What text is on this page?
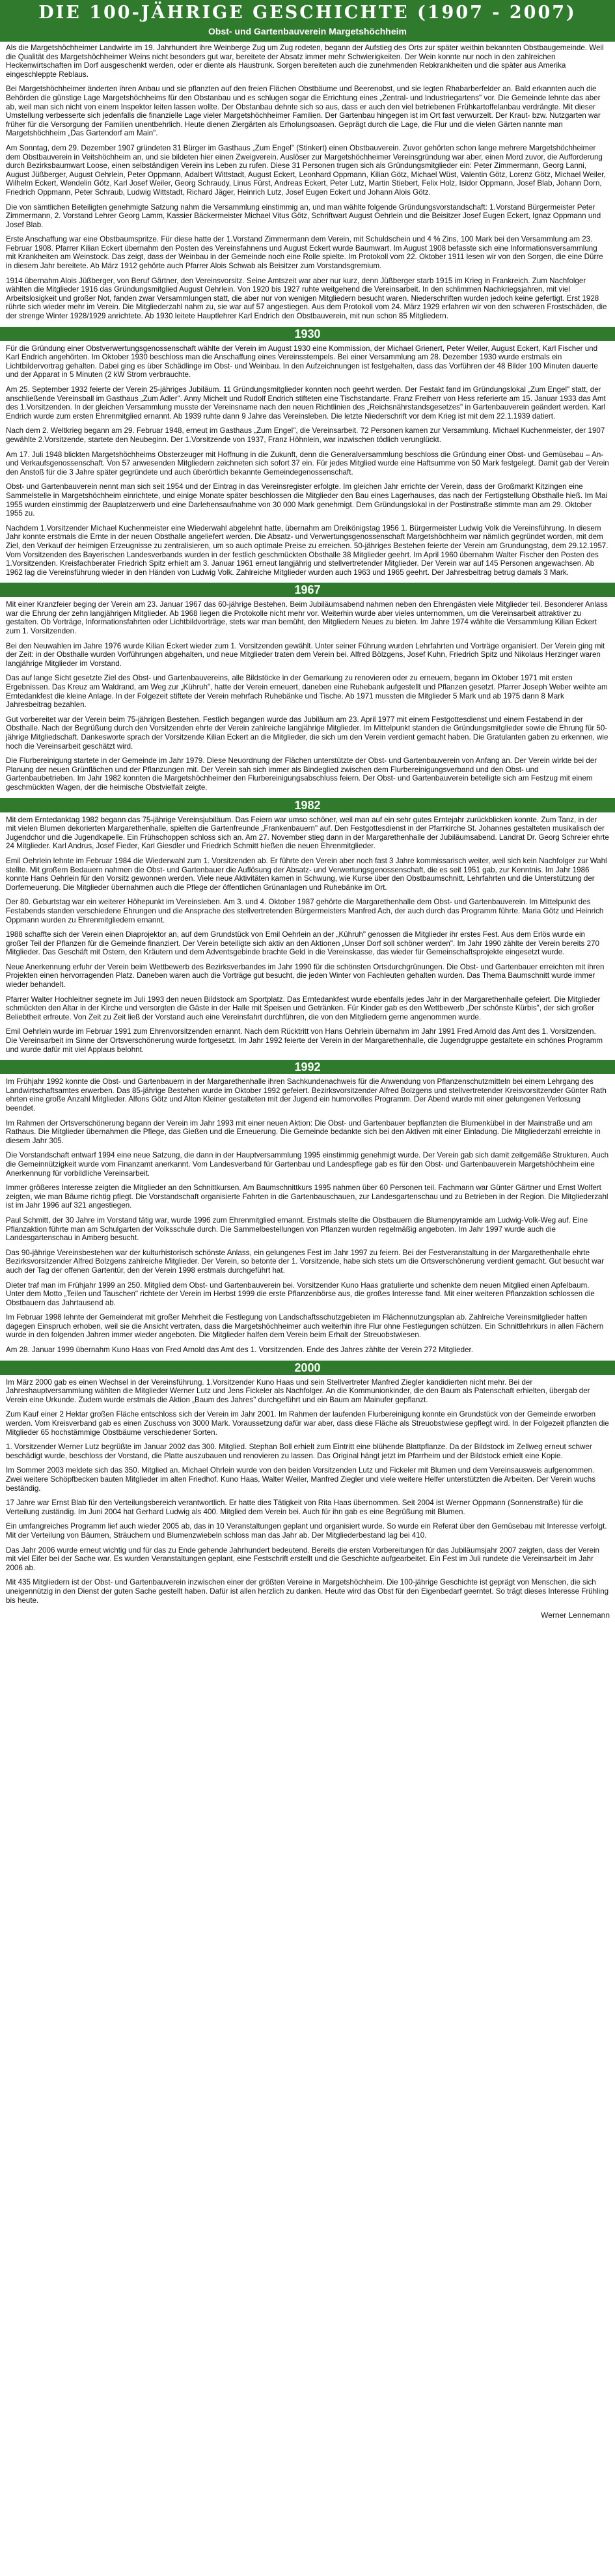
DIE 100-JÄHRIGE GESCHICHTE (1907 - 2007)
Obst- und Gartenbauverein Margetshöchheim

Als die Margetshöchheimer Landwirte im 19. Jahrhundert ihre Weinberge Zug um Zug rodeten, begann der Aufstieg des Orts zur später weithin bekannten Obstbaugemeinde. Weil die Qualität des Margetshöchheimer Weins nicht besonders gut war, bereitete der Absatz immer mehr Schwierigkeiten. Der Wein konnte nur noch in den zahlreichen Heckenwirtschaften im Dorf ausgeschenkt werden, oder er diente als Haustrunk. Sorgen bereiteten auch die zunehmenden Rebkrankheiten und die später aus Amerika eingeschleppte Reblaus.

Bei Margetshöchheimer änderten ihren Anbau und sie pflanzten auf den freien Flächen Obstbäume und Beerenobst, und sie legten Rhabarberfelder an. Bald erkannten auch die Behörden die günstige Lage Margetshöchheims für den Obstanbau und es schlugen sogar die Errichtung eines „Zentral- und Industriegartens" vor. Die Gemeinde lehnte das aber ab, weil man sich nicht von einem Inspektor leiten lassen wollte. Der Obstanbau dehnte sich so aus, dass er auch den viel betriebenen Frühkartoffelanbau verdrängte. Mit dieser Umstellung verbesserte sich jedenfalls die finanzielle Lage vieler Margetshöchheimer Familien. Der Gartenbau hingegen ist im Ort fast verwurzelt. Der Kraut- bzw. Nutzgarten war früher für die Versorgung der Familien unentbehrlich. Heute dienen Ziergärten als Erholungsoasen. Geprägt durch die Lage, die Flur und die vielen Gärten nannte man Margetshöchheim „Das Gartendorf am Main".

Am Sonntag, dem 29. Dezember 1907 gründeten 31 Bürger im Gasthaus „Zum Engel" (Stinkert) einen Obstbauverein. Zuvor gehörten schon lange mehrere Margetshöchheimer dem Obstbauverein in Veitshöchheim an, und sie bildeten hier einen Zweigverein. Auslöser zur Margetshöchheimer Vereinsgründung war aber, einen Mord zuvor, die Aufforderung durch Bezirksbaumwart Loose, einen selbständigen Verein ins Leben zu rufen. Diese 31 Personen trugen sich als Gründungsmitglieder ein: Peter Zimmermann, Georg Lanni, August Jüßberger, August Oehrlein, Peter Oppmann, Adalbert Wittstadt, August Eckert, Leonhard Oppmann, Kilian Götz, Michael Wüst, Valentin Götz, Lorenz Götz, Michael Weiler, Wilhelm Eckert, Wendelin Götz, Karl Josef Weiler, Georg Schraudy, Linus Fürst, Andreas Eckert, Peter Lutz, Martin Stiebert, Felix Holz, Isidor Oppmann, Josef Blab, Johann Dorn, Friedrich Oppmann, Peter Schraub, Ludwig Wittstadt, Richard Jäger, Heinrich Lutz, Josef Eugen Eckert und Johann Alois Götz.

Die von sämtlichen Beteiligten genehmigte Satzung nahm die Versammlung einstimmig an, und man wählte folgende Gründungsvorstandschaft: 1.Vorstand Bürgermeister Peter Zimmermann, 2. Vorstand Lehrer Georg Lamm, Kassier Bäckermeister Michael Vitus Götz, Schriftwart August Oehrlein und die Beisitzer Josef Eugen Eckert, Ignaz Oppmann und Josef Blab.

Erste Anschaffung war eine Obstbaumspritze. Für diese hatte der 1.Vorstand Zimmermann dem Verein, mit Schuldschein und 4 % Zins, 100 Mark bei den Versammlung am 23. Februar 1908. Pfarrer Kilian Eckert übernahm den Posten des Vereinsfahnens und August Eckert wurde Baumwart. Im August 1908 befasste sich eine Informationsversammlung mit Krankheiten am Weinstock. Das zeigt, dass der Weinbau in der Gemeinde noch eine Rolle spielte. Im Protokoll vom 22. Oktober 1911 lesen wir von den Sorgen, die eine Dürre in diesem Jahr bereitete. Ab März 1912 gehörte auch Pfarrer Alois Schwab als Beisitzer zum Vorstandsgremium.

1914 übernahm Alois Jüßberger, von Beruf Gärtner, den Vereinsvorsitz. Seine Amtszeit war aber nur kurz, denn Jüßberger starb 1915 im Krieg in Frankreich. Zum Nachfolger wählten die Mitglieder 1916 das Gründungsmitglied August Oehrlein. Von 1920 bis 1927 ruhte weitgehend die Vereinsarbeit. In den schlimmen Nachkriegsjahren, mit viel Arbeitslosigkeit und großer Not, fanden zwar Versammlungen statt, die aber nur von wenigen Mitgliedern besucht waren. Niederschriften wurden jedoch keine gefertigt. Erst 1928 rührte sich wieder mehr im Verein. Die Mitgliederzahl nahm zu, sie war auf 57 angestiegen. Aus dem Protokoll vom 24. März 1929 erfahren wir von den schweren Frostschäden, die der strenge Winter 1928/1929 anrichtete. Ab 1930 leitete Hauptlehrer Karl Endrich den Obstbauverein, mit nun schon 85 Mitgliedern.

1930

Für die Gründung einer Obstverwertungsgenossenschaft wählte der Verein im August 1930 eine Kommission, der Michael Grienert, Peter Weiler, August Eckert, Karl Fischer und Karl Endrich angehörten. Im Oktober 1930 beschloss man die Anschaffung eines Vereinsstempels. Bei einer Versammlung am 28. Dezember 1930 wurde erstmals ein Lichtbildervortrag gehalten. Dabei ging es über Schädlinge im Obst- und Weinbau. In den Aufzeichnungen ist festgehalten, dass das Vorführen der 48 Bilder 100 Minuten dauerte und der Apparat in 5 Minuten (2 kW Strom verbrauchte.

Am 25. September 1932 feierte der Verein 25-jähriges Jubiläum. 11 Gründungsmitglieder konnten noch geehrt werden. Der Festakt fand im Gründungslokal „Zum Engel" statt, der anschließende Vereinsball im Gasthaus „Zum Adler". Anny Michelt und Rudolf Endrich stifteten eine Tischstandarte. Franz Freiherr von Hess referierte am 15. Januar 1933 das Amt des 1.Vorsitzenden. In der gleichen Versammlung musste der Vereinsname nach den neuen Richtlinien des „Reichsnährstandsgesetzes" in Gartenbauverein geändert werden. Karl Endrich wurde zum ersten Ehrenmitglied ernannt. Ab 1939 ruhte dann 9 Jahre das Vereinsleben. Die letzte Niederschrift vor dem Krieg ist mit dem 22.1.1939 datiert.

Nach dem 2. Weltkrieg begann am 29. Februar 1948, erneut im Gasthaus „Zum Engel", die Vereinsarbeit. 72 Personen kamen zur Versammlung. Michael Kuchenmeister, der 1907 gewählte 2.Vorsitzende, startete den Neubeginn. Der 1.Vorsitzende von 1937, Franz Höhnlein, war inzwischen tödlich verunglückt.

Am 17. Juli 1948 blickten Margetshöchheims Obsterzeuger mit Hoffnung in die Zukunft, denn die Generalversammlung beschloss die Gründung einer Obst- und Gemüsebau – An- und Verkaufsgenossenschaft. Von 57 anwesenden Mitgliedern zeichneten sich sofort 37 ein. Für jedes Mitglied wurde eine Haftsumme von 50 Mark festgelegt. Damit gab der Verein den Anstoß für die 3 Jahre später gegründete und auch überörtlich bekannte Gemeindegenossenschaft.

Obst- und Gartenbauverein nennt man sich seit 1954 und der Eintrag in das Vereinsregister erfolgte. Im gleichen Jahr errichte der Verein, dass der Großmarkt Kitzingen eine Sammelstelle in Margetshöchheim einrichtete, und einige Monate später beschlossen die Mitglieder den Bau eines Lagerhauses, das nach der Fertigstellung Obsthalle hieß. Im Mai 1955 wurden einstimmig der Bauplatzerwerb und eine Darlehensaufnahme von 30 000 Mark genehmigt. Dem Gründungslokal in der Postinstraße stimmte man am 29. Oktober 1955 zu.

Nachdem 1.Vorsitzender Michael Kuchenmeister eine Wiederwahl abgelehnt hatte, übernahm am Dreikönigstag 1956 1. Bürgermeister Ludwig Volk die Vereinsführung. In diesem Jahr konnte erstmals die Ernte in der neuen Obsthalle angeliefert werden. Die Absatz- und Verwertungsgenossenschaft Margetshöchheim war nämlich gegründet worden, mit dem Ziel, den Verkauf der heimigen Erzeugnisse zu zentralisieren, um so auch optimale Preise zu erreichen. 50-jähriges Bestehen feierte der Verein am Grundungstag, dem 29.12.1957. Vom Vorsitzenden des Bayerischen Landesverbands wurden in der festlich geschmückten Obsthalle 38 Mitglieder geehrt. Im April 1960 übernahm Walter Fischer den Posten des 1.Vorsitzenden. Kreisfachberater Friedrich Spitz erhielt am 3. Januar 1961 erneut langjährig und stellvertretender Mitglieder. Der Verein war auf 145 Personen angewachsen. Ab 1962 lag die Vereinsführung wieder in den Händen von Ludwig Volk. Zahlreiche Mitglieder wurden auch 1963 und 1965 geehrt. Der Jahresbeitrag betrug damals 3 Mark.

1967

Mit einer Kranzfeier beging der Verein am 23. Januar 1967 das 60-jährige Bestehen. Beim Jubiläumsabend nahmen neben den Ehrengästen viele Mitglieder teil. Besonderer Anlass war die Ehrung der zehn langjährigen Mitglieder. Ab 1968 liegen die Protokolle nicht mehr vor. Weiterhin wurde aber vieles unternommen, um die Vereinsarbeit attraktiver zu gestalten. Ob Vorträge, Informationsfahrten oder Lichtbildvorträge, stets war man bemüht, den Mitgliedern Neues zu bieten. Im Jahre 1974 wählte die Versammlung Kilian Eckert zum 1. Vorsitzenden.

Bei den Neuwahlen im Jahre 1976 wurde Kilian Eckert wieder zum 1. Vorsitzenden gewählt. Unter seiner Führung wurden Lehrfahrten und Vorträge organisiert. Der Verein ging mit der Zeit: in der Obsthalle wurden Vorführungen abgehalten, und neue Mitglieder traten dem Verein bei. Alfred Bölzgens, Josef Kuhn, Friedrich Spitz und Nikolaus Herzinger waren langjährige Mitglieder im Vorstand.

Das auf lange Sicht gesetzte Ziel des Obst- und Gartenbauvereins, alle Bildstöcke in der Gemarkung zu renovieren oder zu erneuern, begann im Oktober 1971 mit ersten Ergebnissen. Das Kreuz am Waldrand, am Weg zur „Kühruh", hatte der Verein erneuert, daneben eine Ruhebank aufgestellt und Pflanzen gesetzt. Pfarrer Joseph Weber weihte am Erntedankfest die kleine Anlage. In der Folgezeit stiftete der Verein mehrfach Ruhebänke und Tische. Ab 1971 mussten die Mitglieder 5 Mark und ab 1975 dann 8 Mark Jahresbeitrag bezahlen.

Gut vorbereitet war der Verein beim 75-jährigen Bestehen. Festlich begangen wurde das Jubiläum am 23. April 1977 mit einem Festgottesdienst und einem Festabend in der Obsthalle. Nach der Begrüßung durch den Vorsitzenden ehrte der Verein zahlreiche langjährige Mitglieder. Im Mittelpunkt standen die Gründungsmitglieder sowie die Ehrung für 50-jährige Mitgliedschaft. Dankesworte sprach der Vorsitzende Kilian Eckert an die Mitglieder, die sich um den Verein verdient gemacht haben. Die Gratulanten gaben zu erkennen, wie hoch die Vereinsarbeit geschätzt wird.

Die Flurbereinigung startete in der Gemeinde im Jahr 1979. Diese Neuordnung der Flächen unterstützte der Obst- und Gartenbauverein von Anfang an. Der Verein wirkte bei der Planung der neuen Grünflächen und der Pflanzungen mit. Der Verein sah sich immer als Bindeglied zwischen dem Flurbereinigungsverband und den Obst- und Gartenbaubetrieben. Im Jahr 1982 konnten die Margetshöchheimer den Flurbereinigungsabschluss feiern. Der Obst- und Gartenbauverein beteiligte sich am Festzug mit einem geschmückten Wagen, der die heimische Obstvielfalt zeigte.

1982

Mit dem Erntedanktag 1982 begann das 75-jährige Vereinsjubiläum. Das Feiern war umso schöner, weil man auf ein sehr gutes Erntejahr zurückblicken konnte. Zum Tanz, in der mit vielen Blumen dekorierten Margarethenhalle, spielten die Gartenfreunde „Frankenbauern" auf. Den Festgottesdienst in der Pfarrkirche St. Johannes gestalteten musikalisch der Jugendchor und die Jugendkapelle. Ein Frühschoppen schloss sich an. Am 27. November stieg dann in der Margarethenhalle der Jubiläumsabend. Landrat Dr. Georg Schreier ehrte 24 Mitglieder. Karl Andrus, Josef Fieder, Karl Giesdler und Friedrich Schmitt hießen die neuen Ehrenmitglieder.

Emil Oehrlein lehnte im Februar 1984 die Wiederwahl zum 1. Vorsitzenden ab. Er führte den Verein aber noch fast 3 Jahre kommissarisch weiter, weil sich kein Nachfolger zur Wahl stellte. Mit großem Bedauern nahmen die Obst- und Gartenbauer die Auflösung der Absatz- und Verwertungsgenossenschaft, die es seit 1951 gab, zur Kenntnis. Im Jahr 1986 konnte Hans Oehrlein für den Vorsitz gewonnen werden. Viele neue Aktivitäten kamen in Schwung, wie Kurse über den Obstbaumschnitt, Lehrfahrten und die Unterstützung der Dorferneuerung. Die Mitglieder übernahmen auch die Pflege der öffentlichen Grünanlagen und Ruhebänke im Ort.

Der 80. Geburtstag war ein weiterer Höhepunkt im Vereinsleben. Am 3. und 4. Oktober 1987 gehörte die Margarethenhalle dem Obst- und Gartenbauverein. Im Mittelpunkt des Festabends standen verschiedene Ehrungen und die Ansprache des stellvertretenden Bürgermeisters Manfred Ach, der auch durch das Programm führte. Maria Götz und Heinrich Oppmann wurden zu Ehrenmitgliedern ernannt.

1988 schaffte sich der Verein einen Diaprojektor an, auf dem Grundstück von Emil Oehrlein an der „Kühruh" genossen die Mitglieder ihr erstes Fest. Aus dem Erlös wurde ein großer Teil der Pflanzen für die Gemeinde finanziert. Der Verein beteiligte sich aktiv an den Aktionen „Unser Dorf soll schöner werden". Im Jahr 1990 zählte der Verein bereits 270 Mitglieder. Das Geschäft mit Ostern, den Kräutern und dem Adventsgebinde brachte Geld in die Vereinskasse, das wieder für Gemeinschaftsprojekte eingesetzt wurde.

Neue Anerkennung erfuhr der Verein beim Wettbewerb des Bezirksverbandes im Jahr 1990 für die schönsten Ortsdurchgrünungen. Die Obst- und Gartenbauer erreichten mit ihren Projekten einen hervorragenden Platz. Daneben waren auch die Vorträge gut besucht, die jeden Winter von Fachleuten gehalten wurden. Das Thema Baumschnitt wurde immer wieder behandelt.

Pfarrer Walter Hochleitner segnete im Juli 1993 den neuen Bildstock am Sportplatz. Das Erntedankfest wurde ebenfalls jedes Jahr in der Margarethenhalle gefeiert. Die Mitglieder schmückten den Altar in der Kirche und versorgten die Gäste in der Halle mit Speisen und Getränken. Für Kinder gab es den Wettbewerb „Der schönste Kürbis", der sich großer Beliebtheit erfreute. Von Zeit zu Zeit ließ der Vorstand auch eine Vereinsfahrt durchführen, die von den Mitgliedern gerne angenommen wurde.

Emil Oehrlein wurde im Februar 1991 zum Ehrenvorsitzenden ernannt. Nach dem Rücktritt von Hans Oehrlein übernahm im Jahr 1991 Fred Arnold das Amt des 1. Vorsitzenden. Die Vereinsarbeit im Sinne der Ortsverschönerung wurde fortgesetzt. Im Jahr 1992 feierte der Verein in der Margarethenhalle, die Jugendgruppe gestaltete ein schönes Programm und wurde dafür mit viel Applaus belohnt.

1992

Im Frühjahr 1992 konnte die Obst- und Gartenbauern in der Margarethenhalle ihren Sachkundenachweis für die Anwendung von Pflanzenschutzmitteln bei einem Lehrgang des Landwirtschaftsamtes erwerben. Das 85-jährige Bestehen wurde im Oktober 1992 gefeiert. Bezirksvorsitzender Alfred Bolzgens und stellvertretender Kreisvorsitzender Günter Rath ehrten eine große Anzahl Mitglieder. Alfons Götz und Alton Kleiner gestalteten mit der Jugend ein humorvolles Programm. Der Abend wurde mit einer gelungenen Verlosung beendet.

Im Rahmen der Ortsverschönerung begann der Verein im Jahr 1993 mit einer neuen Aktion: Die Obst- und Gartenbauer bepflanzten die Blumenkübel in der Mainstraße und am Rathaus. Die Mitglieder übernahmen die Pflege, das Gießen und die Erneuerung. Die Gemeinde bedankte sich bei den Aktiven mit einer Einladung. Die Mitgliederzahl erreichte in diesem Jahr 305.

Die Vorstandschaft entwarf 1994 eine neue Satzung, die dann in der Hauptversammlung 1995 einstimmig genehmigt wurde. Der Verein gab sich damit zeitgemäße Strukturen. Auch die Gemeinnützigkeit wurde vom Finanzamt anerkannt. Vom Landesverband für Gartenbau und Landespflege gab es für den Obst- und Gartenbauverein Margetshöchheim eine Anerkennung für vorbildliche Vereinsarbeit.

Immer größeres Interesse zeigten die Mitglieder an den Schnittkursen. Am Baumschnittkurs 1995 nahmen über 60 Personen teil. Fachmann war Günter Gärtner und Ernst Wolfert zeigten, wie man Bäume richtig pflegt. Die Vorstandschaft organisierte Fahrten in die Gartenbauschauen, zur Landesgartenschau und zu Betrieben in der Region. Die Mitgliederzahl ist im Jahr 1996 auf 321 angestiegen.

Paul Schmitt, der 30 Jahre im Vorstand tätig war, wurde 1996 zum Ehrenmitglied ernannt. Erstmals stellte die Obstbauern die Blumenpyramide am Ludwig-Volk-Weg auf. Eine Pflanzaktion führte man am Schulgarten der Volksschule durch. Die Sammelbestellungen von Pflanzen wurden regelmäßig angeboten. Im Jahr 1997 wurde auch die Landesgartenschau in Amberg besucht.

Das 90-jährige Vereinsbestehen war der kulturhistorisch schönste Anlass, ein gelungenes Fest im Jahr 1997 zu feiern. Bei der Festveranstaltung in der Margarethenhalle ehrte Bezirksvorsitzender Alfred Bolzgens zahlreiche Mitglieder. Der Verein, so betonte der 1. Vorsitzende, habe sich stets um die Ortsverschönerung verdient gemacht. Gut besucht war auch der Tag der offenen Gartentür, den der Verein 1998 erstmals durchgeführt hat.

Dieter traf man im Frühjahr 1999 an 250. Mitglied dem Obst- und Gartenbauverein bei. Vorsitzender Kuno Haas gratulierte und schenkte dem neuen Mitglied einen Apfelbaum. Unter dem Motto „Teilen und Tauschen" richtete der Verein im Herbst 1999 die erste Pflanzenbörse aus, die großes Interesse fand. Mit einer weiteren Pflanzaktion schlossen die Obstbauern das Jahrtausend ab.

Im Februar 1998 lehnte der Gemeinderat mit großer Mehrheit die Festlegung von Landschaftsschutzgebieten im Flächennutzungsplan ab. Zahlreiche Vereinsmitglieder hatten dagegen Einspruch erhoben, weil sie die Ansicht vertraten, dass die Margetshöchheimer auch weiterhin ihre Flur ohne Festlegungen schützen. Ein Schnittlehrkurs in allen Fächern wurde in den folgenden Jahren immer wieder angeboten. Die Mitglieder halfen dem Verein beim Erhalt der Streuobstwiesen.

Am 28. Januar 1999 übernahm Kuno Haas von Fred Arnold das Amt des 1. Vorsitzenden. Ende des Jahres zählte der Verein 272 Mitglieder.

2000

Im März 2000 gab es einen Wechsel in der Vereinsführung. 1.Vorsitzender Kuno Haas und sein Stellvertreter Manfred Ziegler kandidierten nicht mehr. Bei der Jahreshauptversammlung wählten die Mitglieder Werner Lutz und Jens Fickeler als Nachfolger. An die Kommunionkinder, die den Baum als Patenschaft erhielten, übergab der Verein eine Urkunde. Zudem wurde erstmals die Aktion „Baum des Jahres" durchgeführt und ein Baum am Mainufer gepflanzt.

Zum Kauf einer 2 Hektar großen Fläche entschloss sich der Verein im Jahr 2001. Im Rahmen der laufenden Flurbereinigung konnte ein Grundstück von der Gemeinde erworben werden. Vom Kreisverband gab es einen Zuschuss von 3000 Mark. Voraussetzung dafür war aber, dass diese Fläche als Streuobstwiese gepflegt wird. In der Folgezeit pflanzten die Mitglieder 65 hochstämmige Obstbäume verschiedener Sorten.

1. Vorsitzender Werner Lutz begrüßte im Januar 2002 das 300. Mitglied. Stephan Boll erhielt zum Eintritt eine blühende Blattpflanze. Da der Bildstock im Zellweg erneut schwer beschädigt wurde, beschloss der Vorstand, die Platte auszubauen und renovieren zu lassen. Das Original hängt jetzt im Pfarrheim und der Bildstock erhielt eine Kopie.

Im Sommer 2003 meldete sich das 350. Mitglied an. Michael Ohrlein wurde von den beiden Vorsitzenden Lutz und Fickeler mit Blumen und dem Vereinsausweis aufgenommen. Zwei weitere Schöpfbecken bauten Mitglieder im alten Friedhof. Kuno Haas, Walter Weiler, Manfred Ziegler und viele weitere Helfer unterstützten die Arbeiten. Der Verein wuchs beständig.

17 Jahre war Ernst Blab für den Verteilungsbereich verantwortlich. Er hatte dies Tätigkeit von Rita Haas übernommen. Seit 2004 ist Werner Oppmann (Sonnenstraße) für die Verteilung zuständig. Im Juni 2004 hat Gerhard Ludwig als 400. Mitglied dem Verein bei. Auch für ihn gab es eine Begrüßung mit Blumen.

Ein umfangreiches Programm lief auch wieder 2005 ab, das in 10 Veranstaltungen geplant und organisiert wurde. So wurde ein Referat über den Gemüsebau mit Interesse verfolgt. Mit der Verteilung von Bäumen, Sträuchern und Blumenzwiebeln schloss man das Jahr ab. Der Mitgliederbestand lag bei 410.

Das Jahr 2006 wurde erneut wichtig und für das zu Ende gehende Jahrhundert bedeutend. Bereits die ersten Vorbereitungen für das Jubiläumsjahr 2007 zeigten, dass der Verein mit viel Eifer bei der Sache war. Es wurden Veranstaltungen geplant, eine Festschrift erstellt und die Geschichte aufgearbeitet. Ein Fest im Juli rundete die Vereinsarbeit im Jahr 2006 ab.

Mit 435 Mitgliedern ist der Obst- und Gartenbauverein inzwischen einer der größten Vereine in Margetshöchheim. Die 100-jährige Geschichte ist geprägt von Menschen, die sich uneigennützig in den Dienst der guten Sache gestellt haben. Dafür ist allen herzlich zu danken. Heute wird das Obst für den Eigenbedarf geerntet. So trägt dieses Interesse Frühling bis heute.

Werner Lennemann
